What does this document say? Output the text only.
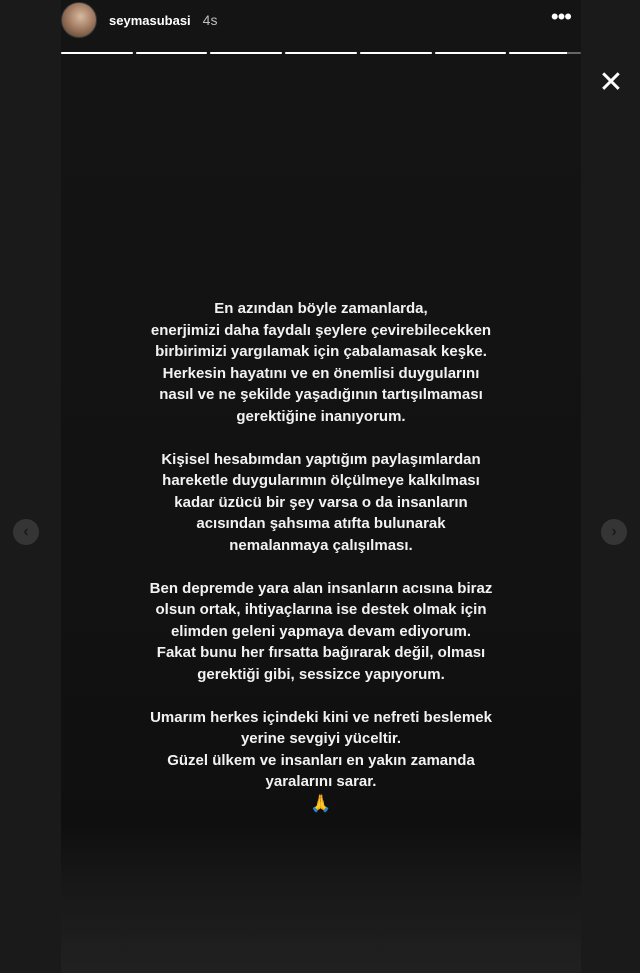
seymasubasi 4s	•••
✕
‹	›
En azından böyle zamanlarda,
enerjimizi daha faydalı şeylere çevirebilecekken
birbirimizi yargılamak için çabalamasak keşke.
Herkesin hayatını ve en önemlisi duygularını
nasıl ve ne şekilde yaşadığının tartışılmaması
gerektiğine inanıyorum.
Kişisel hesabımdan yaptığım paylaşımlardan
hareketle duygularımın ölçülmeye kalkılması
kadar üzücü bir şey varsa o da insanların
acısından şahsıma atıfta bulunarak
nemalanmaya çalışılması.
Ben depremde yara alan insanların acısına biraz
olsun ortak, ihtiyaçlarına ise destek olmak için
elimden geleni yapmaya devam ediyorum.
Fakat bunu her fırsatta bağırarak değil, olması
gerektiği gibi, sessizce yapıyorum.
Umarım herkes içindeki kini ve nefreti beslemek
yerine sevgiyi yüceltir.
Güzel ülkem ve insanları en yakın zamanda
yaralarını sarar.
🙏
